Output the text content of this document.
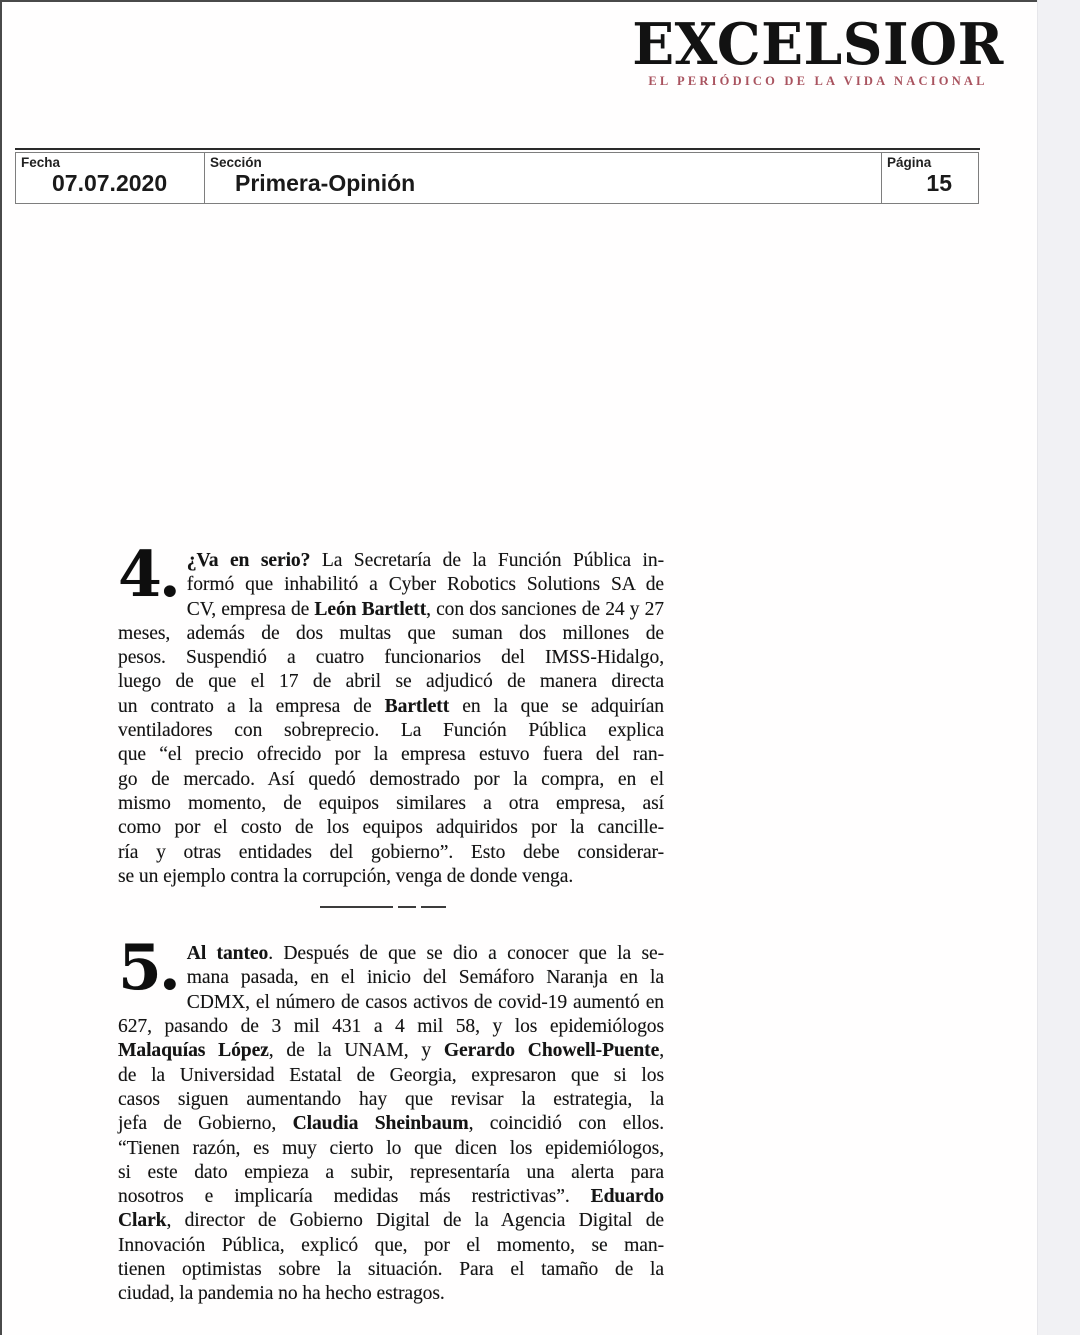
EXCELSIOR
EL PERIÓDICO DE LA VIDA NACIONAL
Fecha
07.07.2020
Sección
Primera-Opinión
Página
15
4. ¿Va en serio? La Secretaría de la Función Pública in-
formó que inhabilitó a Cyber Robotics Solutions SA de
CV, empresa de León Bartlett, con dos sanciones de 24 y 27
meses, además de dos multas que suman dos millones de
pesos. Suspendió a cuatro funcionarios del IMSS-Hidalgo,
luego de que el 17 de abril se adjudicó de manera directa
un contrato a la empresa de Bartlett en la que se adquirían
ventiladores con sobreprecio. La Función Pública explica
que “el precio ofrecido por la empresa estuvo fuera del ran-
go de mercado. Así quedó demostrado por la compra, en el
mismo momento, de equipos similares a otra empresa, así
como por el costo de los equipos adquiridos por la cancille-
ría y otras entidades del gobierno”. Esto debe considerar-
se un ejemplo contra la corrupción, venga de donde venga.
5. Al tanteo. Después de que se dio a conocer que la se-
mana pasada, en el inicio del Semáforo Naranja en la
CDMX, el número de casos activos de covid-19 aumentó en
627, pasando de 3 mil 431 a 4 mil 58, y los epidemiólogos
Malaquías López, de la UNAM, y Gerardo Chowell-Puente,
de la Universidad Estatal de Georgia, expresaron que si los
casos siguen aumentando hay que revisar la estrategia, la
jefa de Gobierno, Claudia Sheinbaum, coincidió con ellos.
“Tienen razón, es muy cierto lo que dicen los epidemiólogos,
si este dato empieza a subir, representaría una alerta para
nosotros e implicaría medidas más restrictivas”. Eduardo
Clark, director de Gobierno Digital de la Agencia Digital de
Innovación Pública, explicó que, por el momento, se man-
tienen optimistas sobre la situación. Para el tamaño de la
ciudad, la pandemia no ha hecho estragos.
